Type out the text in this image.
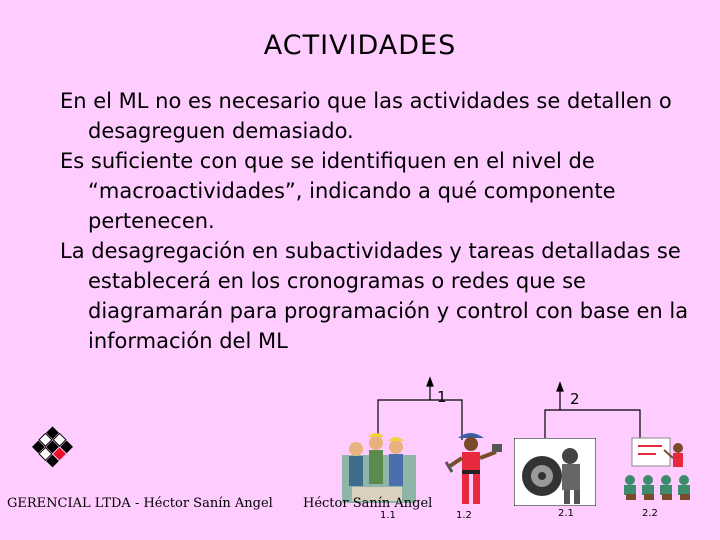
ACTIVIDADES
En el ML no es necesario que las actividades se detallen o desagreguen demasiado.
Es suficiente con que se identifiquen en el nivel de “macroactividades”, indicando a qué componente pertenecen.
La desagregación en subactividades y tareas detalladas se establecerá en los cronogramas o redes que se diagramarán para programación y control con base en la información del ML
1	2
1.1	1.2	2.1	2.2
GERENCIAL LTDA - Héctor Sanín Angel Héctor Sanín Angel
